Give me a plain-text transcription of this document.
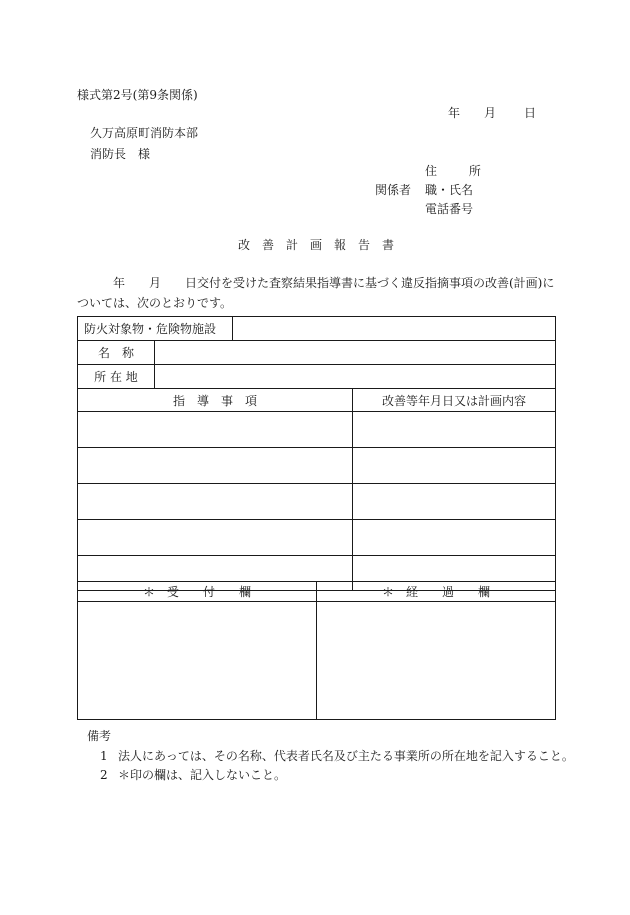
様式第2号(第9条関係)
年 月 日
久万高原町消防本部
消防長　様
住 所
関係者 職・氏名
電話番号
改善計画報告書
年　　月　　日交付を受けた査察結果指導書に基づく違反指摘事項の改善(計画)については、次のとおりです。
防火対象物・危険物施設			
名　称			
所 在 地			
指　導　事　項			改善等年月日又は計画内容

＊　受　　付　　欄	＊　経　　過　　欄

備考
1 法人にあっては、その名称、代表者氏名及び主たる事業所の所在地を記入すること。
2 ＊印の欄は、記入しないこと。
